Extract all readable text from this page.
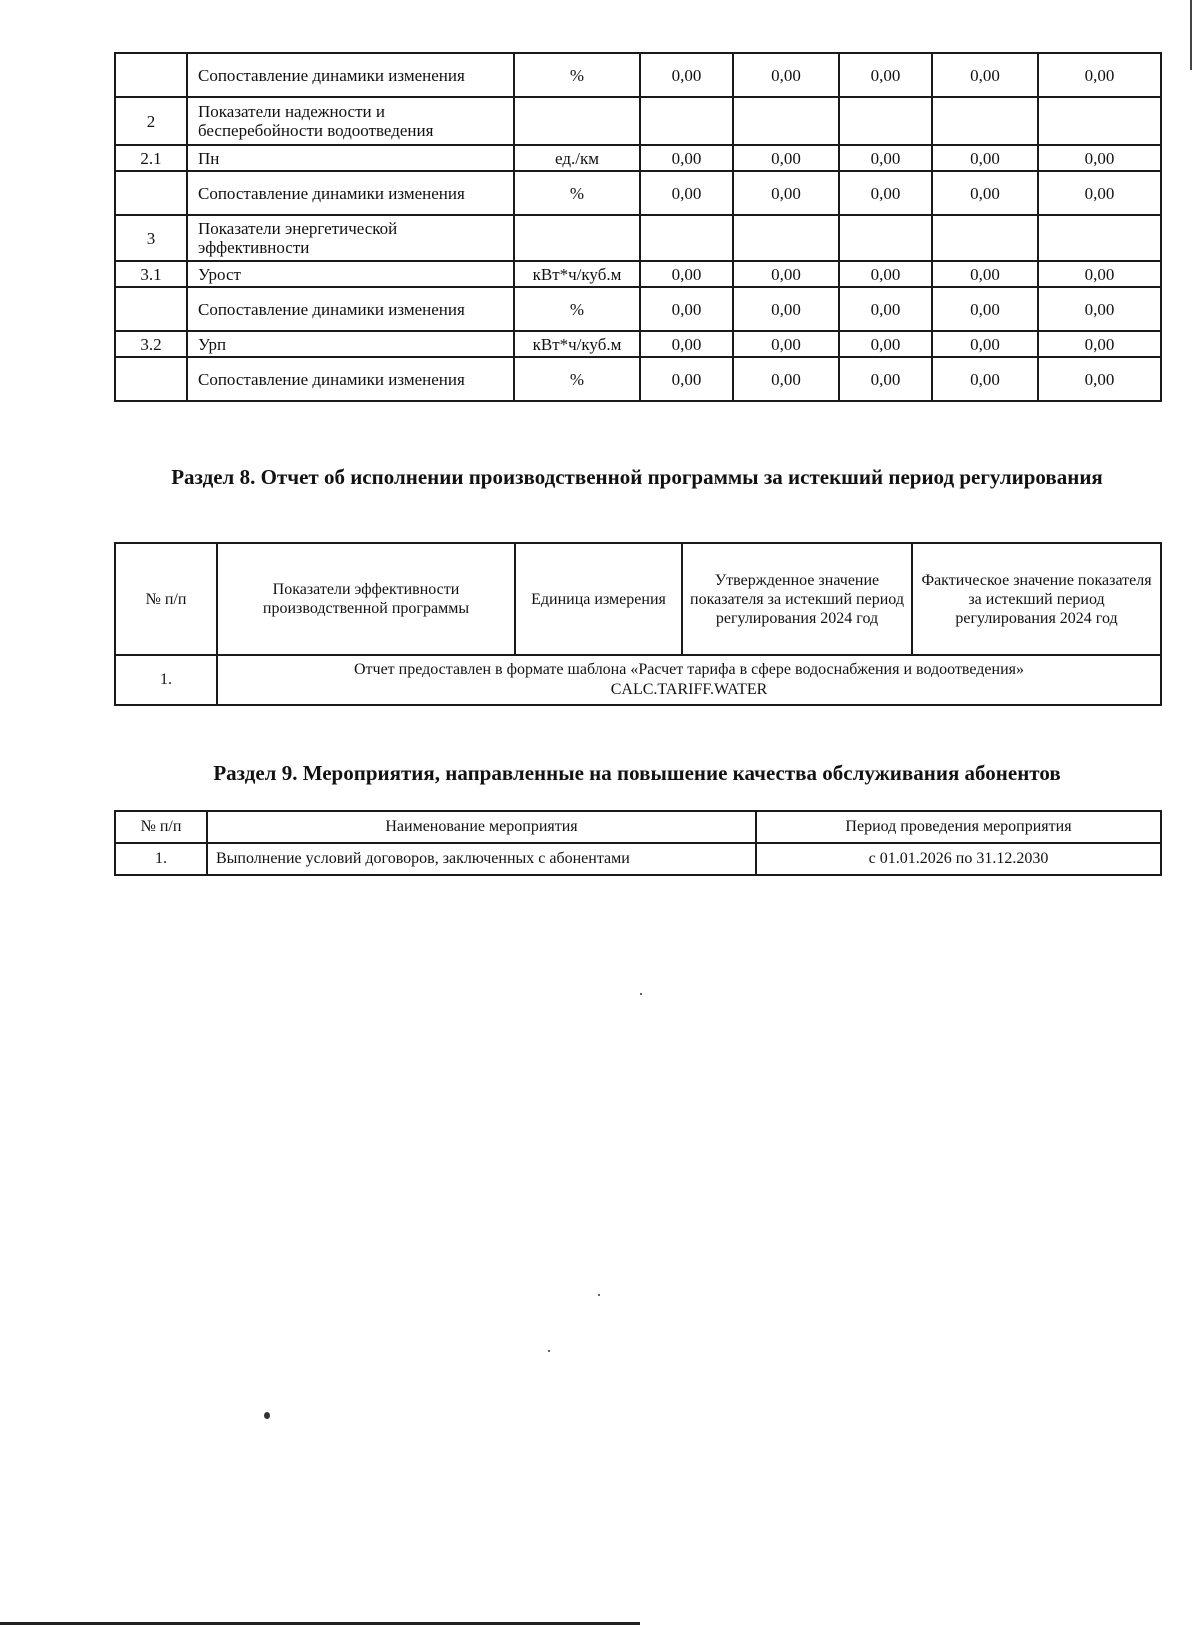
	Сопоставление динамики изменения	%	0,00	0,00	0,00	0,00	0,00
2	Показатели надежности и бесперебойности водоотведения						
2.1	Пн	ед./км	0,00	0,00	0,00	0,00	0,00
	Сопоставление динамики изменения	%	0,00	0,00	0,00	0,00	0,00
3	Показатели энергетической эффективности						
3.1	Урост	кВт*ч/куб.м	0,00	0,00	0,00	0,00	0,00
	Сопоставление динамики изменения	%	0,00	0,00	0,00	0,00	0,00
3.2	Урп	кВт*ч/куб.м	0,00	0,00	0,00	0,00	0,00
	Сопоставление динамики изменения	%	0,00	0,00	0,00	0,00	0,00
Раздел 8. Отчет об исполнении производственной программы за истекший период регулирования
№ п/п	Показатели эффективности производственной программы	Единица измерения	Утвержденное значение показателя за истекший период регулирования 2024 год	Фактическое значение показателя за истекший период регулирования 2024 год
1.	Отчет предоставлен в формате шаблона «Расчет тарифа в сфере водоснабжения и водоотведения»
CALC.TARIFF.WATER			
Раздел 9. Мероприятия, направленные на повышение качества обслуживания абонентов
№ п/п	Наименование мероприятия	Период проведения мероприятия
1.	Выполнение условий договоров, заключенных с абонентами	с 01.01.2026 по 31.12.2030
